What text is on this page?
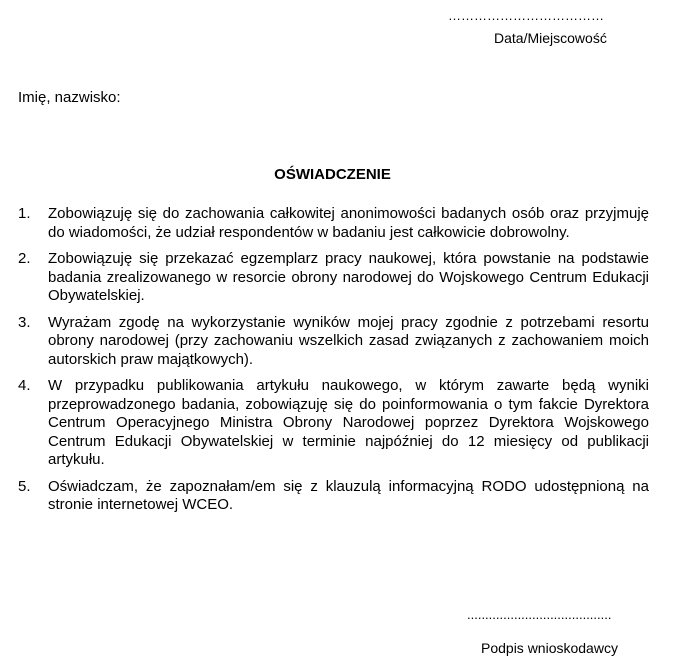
………………………………
Data/Miejscowość
Imię, nazwisko:
OŚWIADCZENIE
1. Zobowiązuję się do zachowania całkowitej anonimowości badanych osób oraz przyjmuję do wiadomości, że udział respondentów w badaniu jest całkowicie dobrowolny.
2. Zobowiązuję się przekazać egzemplarz pracy naukowej, która powstanie na podstawie badania zrealizowanego w resorcie obrony narodowej do Wojskowego Centrum Edukacji Obywatelskiej.
3. Wyrażam zgodę na wykorzystanie wyników mojej pracy zgodnie z potrzebami resortu obrony narodowej (przy zachowaniu wszelkich zasad związanych z zachowaniem moich autorskich praw majątkowych).
4. W przypadku publikowania artykułu naukowego, w którym zawarte będą wyniki przeprowadzonego badania, zobowiązuję się do poinformowania o tym fakcie Dyrektora Centrum Operacyjnego Ministra Obrony Narodowej poprzez Dyrektora Wojskowego Centrum Edukacji Obywatelskiej w terminie najpóźniej do 12 miesięcy od publikacji artykułu.
5. Oświadczam, że zapoznałam/em się z klauzulą informacyjną RODO udostępnioną na stronie internetowej WCEO.
........................................
Podpis wnioskodawcy
